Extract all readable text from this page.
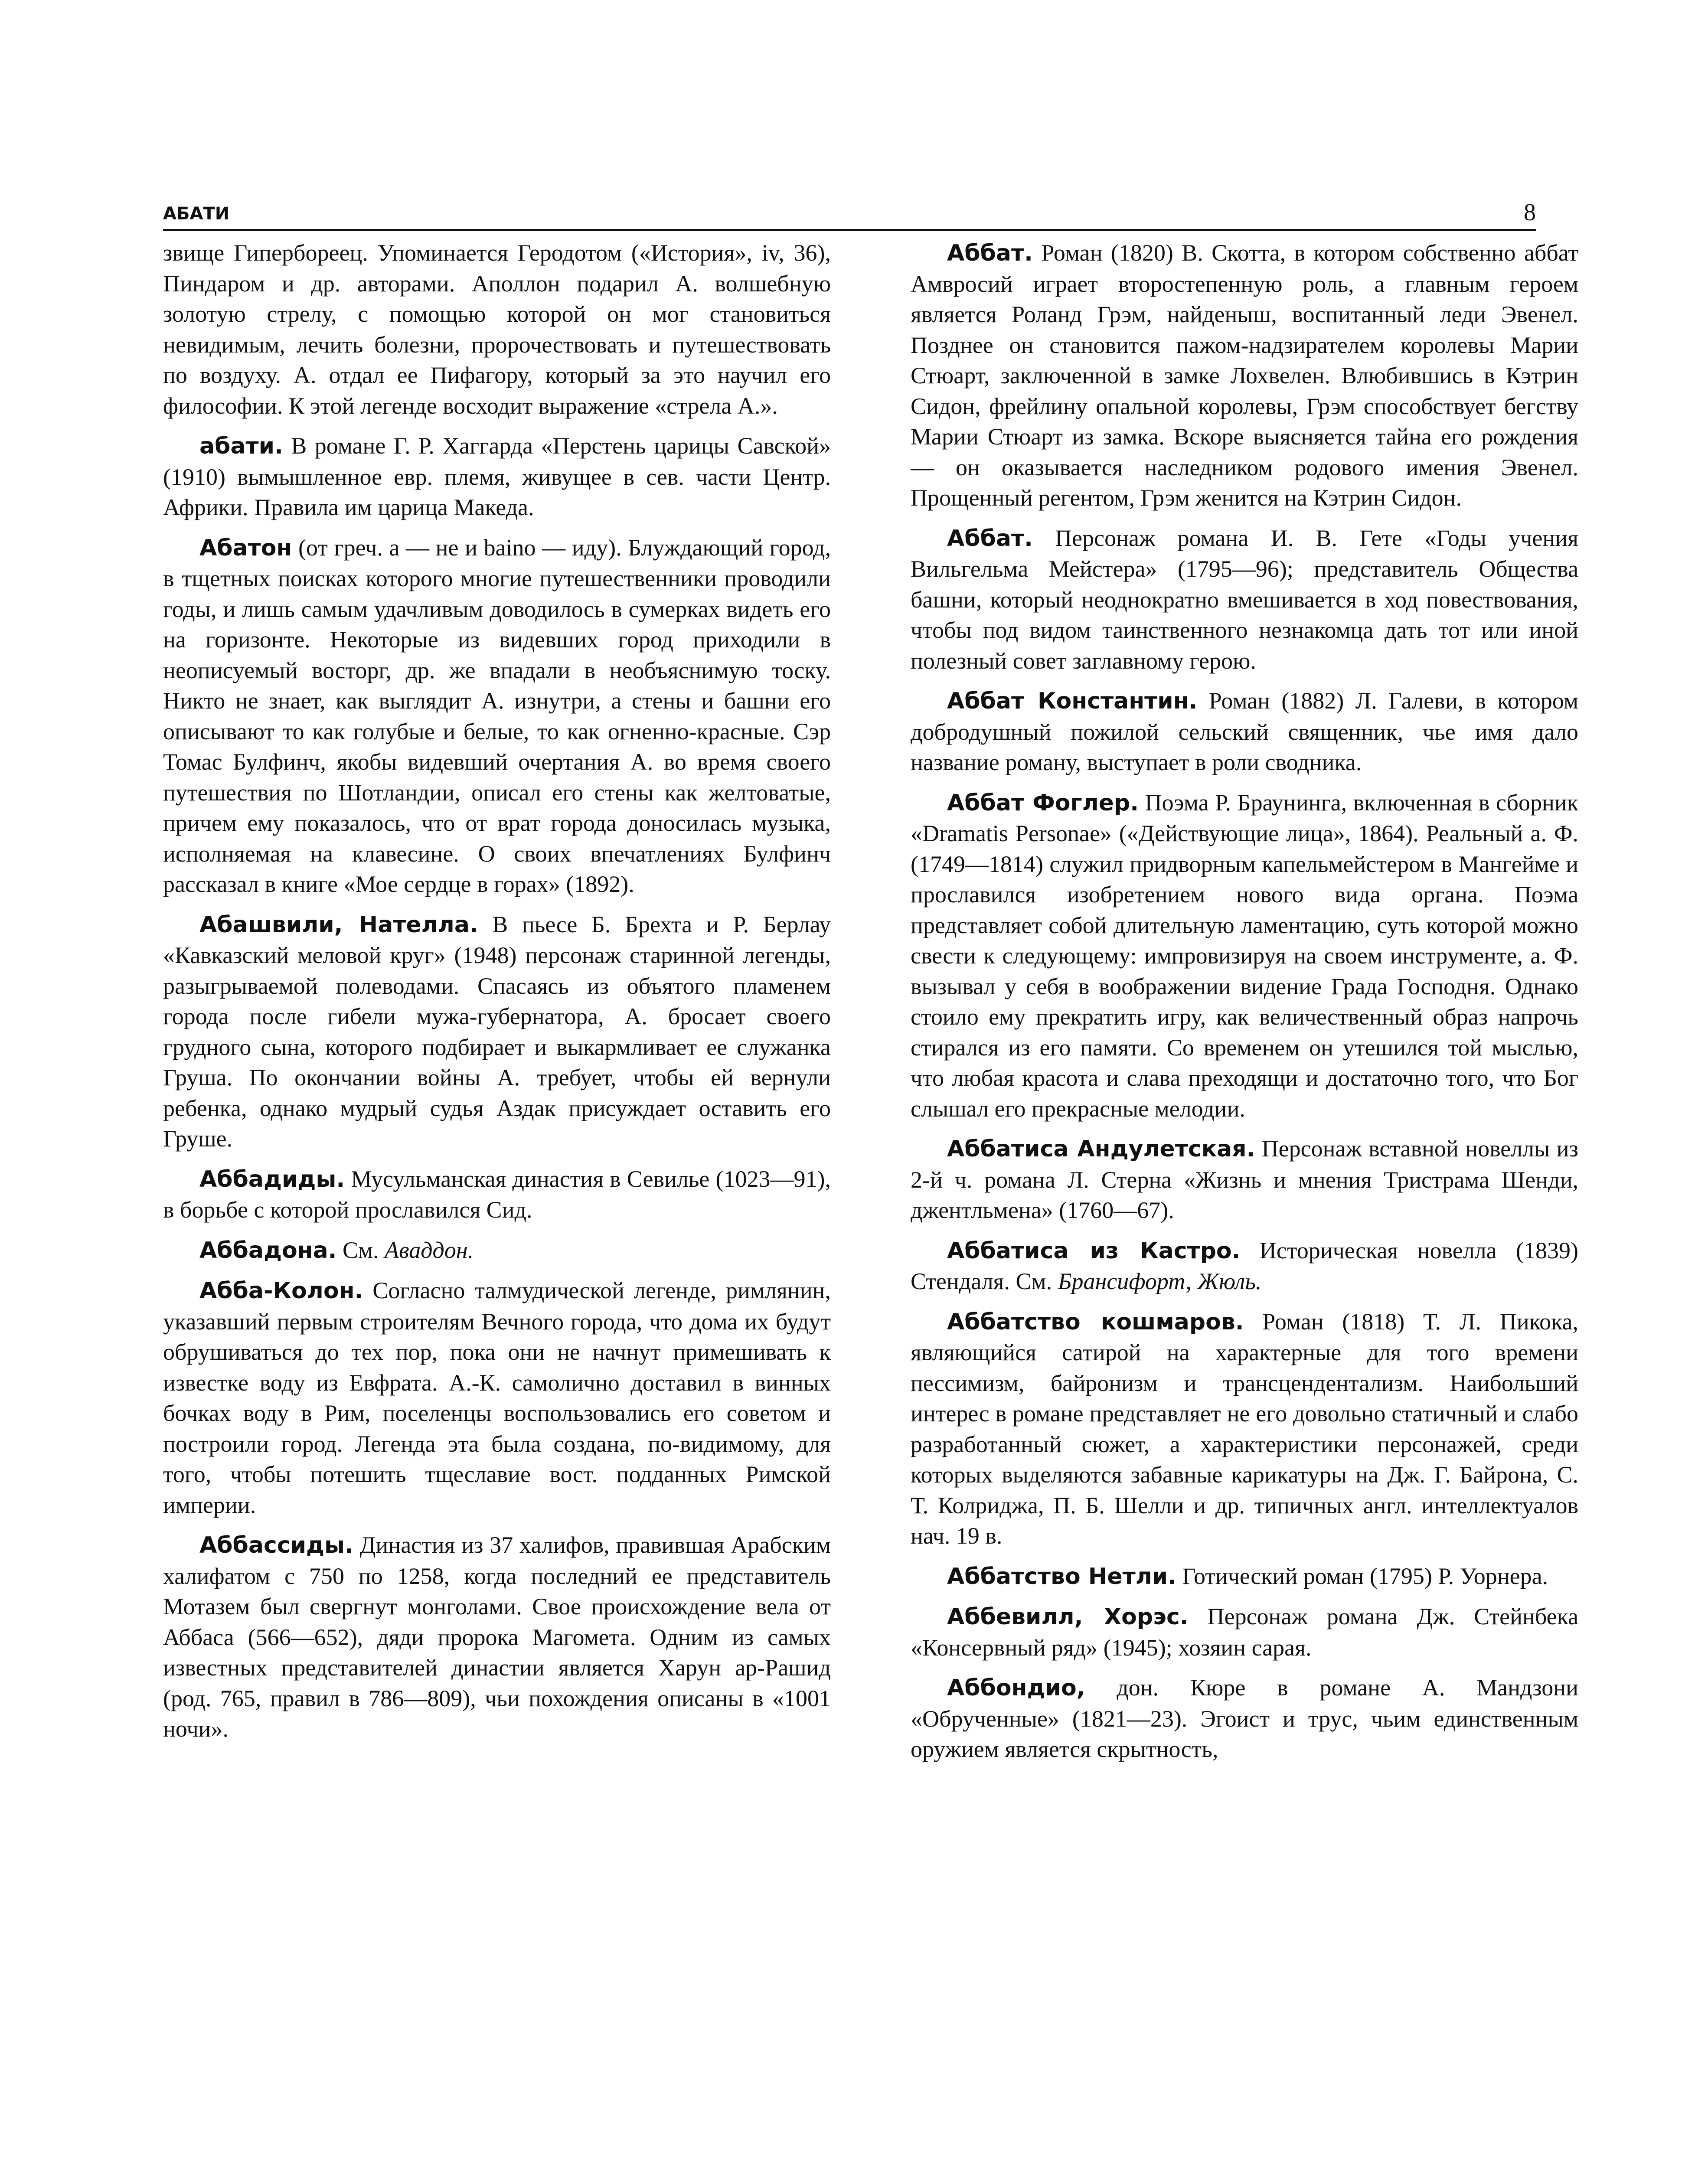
АБАТИ	8

звище Гипербореец. Упоминается Геродотом («История», iv, 36), Пиндаром и др. авторами. Аполлон подарил А. волшебную золотую стрелу, с помощью которой он мог становиться невидимым, лечить болезни, пророчествовать и путешествовать по воздуху. А. отдал ее Пифагору, который за это научил его философии. К этой легенде восходит выражение «стрела А.».

абати. В романе Г. Р. Хаггарда «Перстень царицы Савской» (1910) вымышленное евр. племя, живущее в сев. части Центр. Африки. Правила им царица Македа.

Абатон (от греч. а — не и baino — иду). Блуждающий город, в тщетных поисках которого многие путешественники проводили годы, и лишь самым удачливым доводилось в сумерках видеть его на горизонте. Некоторые из видевших город приходили в неописуемый восторг, др. же впадали в необъяснимую тоску. Никто не знает, как выглядит А. изнутри, а стены и башни его описывают то как голубые и белые, то как огненно-красные. Сэр Томас Булфинч, якобы видевший очертания А. во время своего путешествия по Шотландии, описал его стены как желтоватые, причем ему показалось, что от врат города доносилась музыка, исполняемая на клавесине. О своих впечатлениях Булфинч рассказал в книге «Мое сердце в горах» (1892).

Абашвили, Нателла. В пьесе Б. Брехта и Р. Берлау «Кавказский меловой круг» (1948) персонаж старинной легенды, разыгрываемой полеводами. Спасаясь из объятого пламенем города после гибели мужа-губернатора, А. бросает своего грудного сына, которого подбирает и выкармливает ее служанка Груша. По окончании войны А. требует, чтобы ей вернули ребенка, однако мудрый судья Аздак присуждает оставить его Груше.

Аббадиды. Мусульманская династия в Севилье (1023—91), в борьбе с которой прославился Сид.

Аббадона. См. Аваддон.

Абба-Колон. Согласно талмудической легенде, римлянин, указавший первым строителям Вечного города, что дома их будут обрушиваться до тех пор, пока они не начнут примешивать к известке воду из Евфрата. А.-К. самолично доставил в винных бочках воду в Рим, поселенцы воспользовались его советом и построили город. Легенда эта была создана, по-видимому, для того, чтобы потешить тщеславие вост. подданных Римской империи.

Аббассиды. Династия из 37 халифов, правившая Арабским халифатом с 750 по 1258, когда последний ее представитель Мотазем был свергнут монголами. Свое происхождение вела от Аббаса (566—652), дяди пророка Магомета. Одним из самых известных представителей династии является Харун ар-Рашид (род. 765, правил в 786—809), чьи похождения описаны в «1001 ночи».

Аббат. Роман (1820) В. Скотта, в котором собственно аббат Амвросий играет второстепенную роль, а главным героем является Роланд Грэм, найденыш, воспитанный леди Эвенел. Позднее он становится пажом-надзирателем королевы Марии Стюарт, заключенной в замке Лохвелен. Влюбившись в Кэтрин Сидон, фрейлину опальной королевы, Грэм способствует бегству Марии Стюарт из замка. Вскоре выясняется тайна его рождения — он оказывается наследником родового имения Эвенел. Прощенный регентом, Грэм женится на Кэтрин Сидон.

Аббат. Персонаж романа И. В. Гете «Годы учения Вильгельма Мейстера» (1795—96); представитель Общества башни, который неоднократно вмешивается в ход повествования, чтобы под видом таинственного незнакомца дать тот или иной полезный совет заглавному герою.

Аббат Константин. Роман (1882) Л. Галеви, в котором добродушный пожилой сельский священник, чье имя дало название роману, выступает в роли сводника.

Аббат Фоглер. Поэма Р. Браунинга, включенная в сборник «Dramatis Personae» («Действующие лица», 1864). Реальный а. Ф. (1749—1814) служил придворным капельмейстером в Мангейме и прославился изобретением нового вида органа. Поэма представляет собой длительную ламентацию, суть которой можно свести к следующему: импровизируя на своем инструменте, а. Ф. вызывал у себя в воображении видение Града Господня. Однако стоило ему прекратить игру, как величественный образ напрочь стирался из его памяти. Со временем он утешился той мыслью, что любая красота и слава преходящи и достаточно того, что Бог слышал его прекрасные мелодии.

Аббатиса Андулетская. Персонаж вставной новеллы из 2-й ч. романа Л. Стерна «Жизнь и мнения Тристрама Шенди, джентльмена» (1760—67).

Аббатиса из Кастро. Историческая новелла (1839) Стендаля. См. Брансифорт, Жюль.

Аббатство кошмаров. Роман (1818) Т. Л. Пикока, являющийся сатирой на характерные для того времени пессимизм, байронизм и трансцендентализм. Наибольший интерес в романе представляет не его довольно статичный и слабо разработанный сюжет, а характеристики персонажей, среди которых выделяются забавные карикатуры на Дж. Г. Байрона, С. Т. Колриджа, П. Б. Шелли и др. типичных англ. интеллектуалов нач. 19 в.

Аббатство Нетли. Готический роман (1795) Р. Уорнера.

Аббевилл, Хорэс. Персонаж романа Дж. Стейнбека «Консервный ряд» (1945); хозяин сарая.

Аббондио, дон. Кюре в романе А. Мандзони «Обрученные» (1821—23). Эгоист и трус, чьим единственным оружием является скрытность,
